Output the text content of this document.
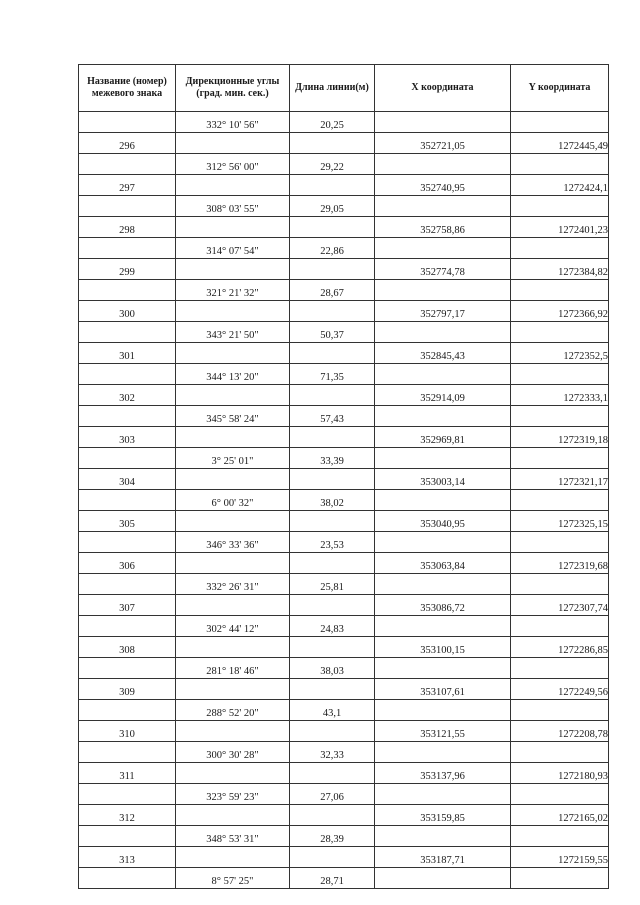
Название (номер) межевого знака	Дирекционные углы (град. мин. сек.)	Длина линии(м)	X координата	Y координата
	332° 10' 56"	20,25		
296			352721,05	1272445,49
	312° 56' 00"	29,22		
297			352740,95	1272424,1
	308° 03' 55"	29,05		
298			352758,86	1272401,23
	314° 07' 54"	22,86		
299			352774,78	1272384,82
	321° 21' 32"	28,67		
300			352797,17	1272366,92
	343° 21' 50"	50,37		
301			352845,43	1272352,5
	344° 13' 20"	71,35		
302			352914,09	1272333,1
	345° 58' 24"	57,43		
303			352969,81	1272319,18
	3° 25' 01"	33,39		
304			353003,14	1272321,17
	6° 00' 32"	38,02		
305			353040,95	1272325,15
	346° 33' 36"	23,53		
306			353063,84	1272319,68
	332° 26' 31"	25,81		
307			353086,72	1272307,74
	302° 44' 12"	24,83		
308			353100,15	1272286,85
	281° 18' 46"	38,03		
309			353107,61	1272249,56
	288° 52' 20"	43,1		
310			353121,55	1272208,78
	300° 30' 28"	32,33		
311			353137,96	1272180,93
	323° 59' 23"	27,06		
312			353159,85	1272165,02
	348° 53' 31"	28,39		
313			353187,71	1272159,55
	8° 57' 25"	28,71		
